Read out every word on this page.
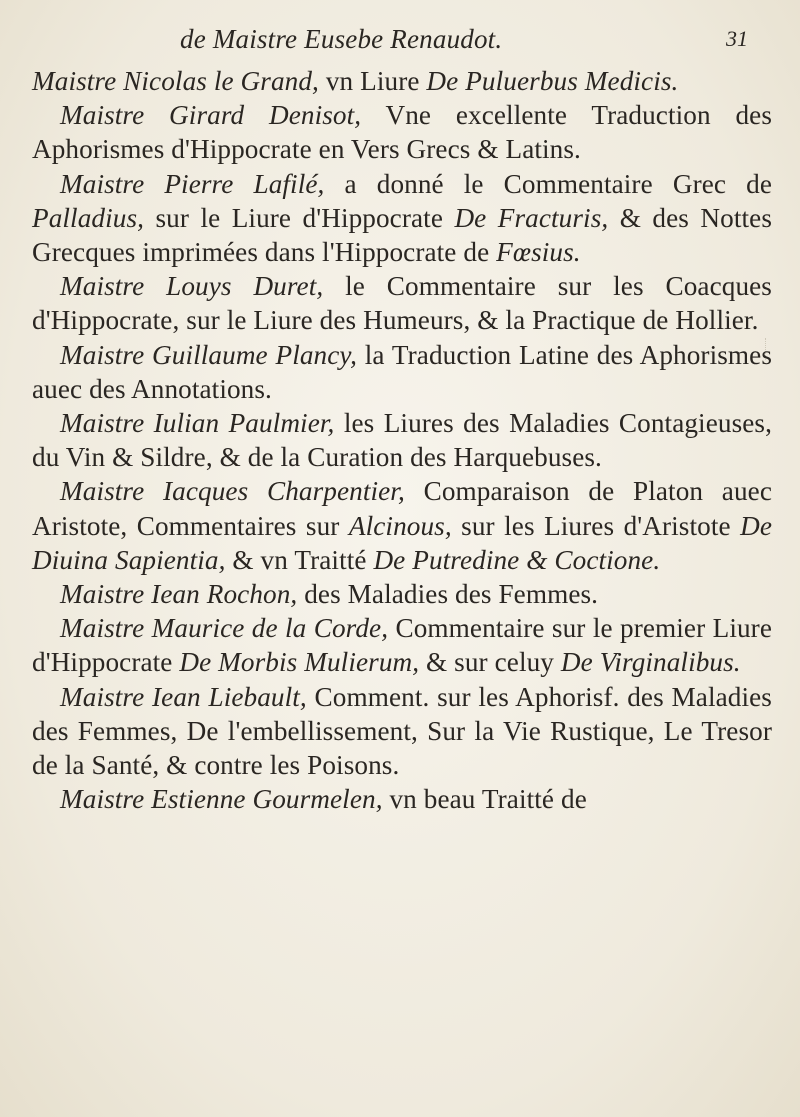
de Maistre Eusebe Renaudot.	31

Maistre Nicolas le Grand, vn Liure De Puluerbus Medicis.

Maistre Girard Denisot, Vne excellente Traduction des Aphorismes d'Hippocrate en Vers Grecs & Latins.

Maistre Pierre Lafilé, a donné le Commentaire Grec de Palladius, sur le Liure d'Hippocrate De Fracturis, & des Nottes Grecques imprimées dans l'Hippocrate de Fœsius.

Maistre Louys Duret, le Commentaire sur les Coacques d'Hippocrate, sur le Liure des Humeurs, & la Practique de Hollier.

Maistre Guillaume Plancy, la Traduction Latine des Aphorismes auec des Annotations.

Maistre Iulian Paulmier, les Liures des Maladies Contagieuses, du Vin & Sildre, & de la Curation des Harquebuses.

Maistre Iacques Charpentier, Comparaison de Platon auec Aristote, Commentaires sur Alcinous, sur les Liures d'Aristote De Diuina Sapientia, & vn Traitté De Putredine & Coctione.

Maistre Iean Rochon, des Maladies des Femmes.

Maistre Maurice de la Corde, Commentaire sur le premier Liure d'Hippocrate De Morbis Mulierum, & sur celuy De Virginalibus.

Maistre Iean Liebault, Comment. sur les Aphorisf. des Maladies des Femmes, De l'embellissement, Sur la Vie Rustique, Le Tresor de la Santé, & contre les Poisons.

Maistre Estienne Gourmelen, vn beau Traitté de
